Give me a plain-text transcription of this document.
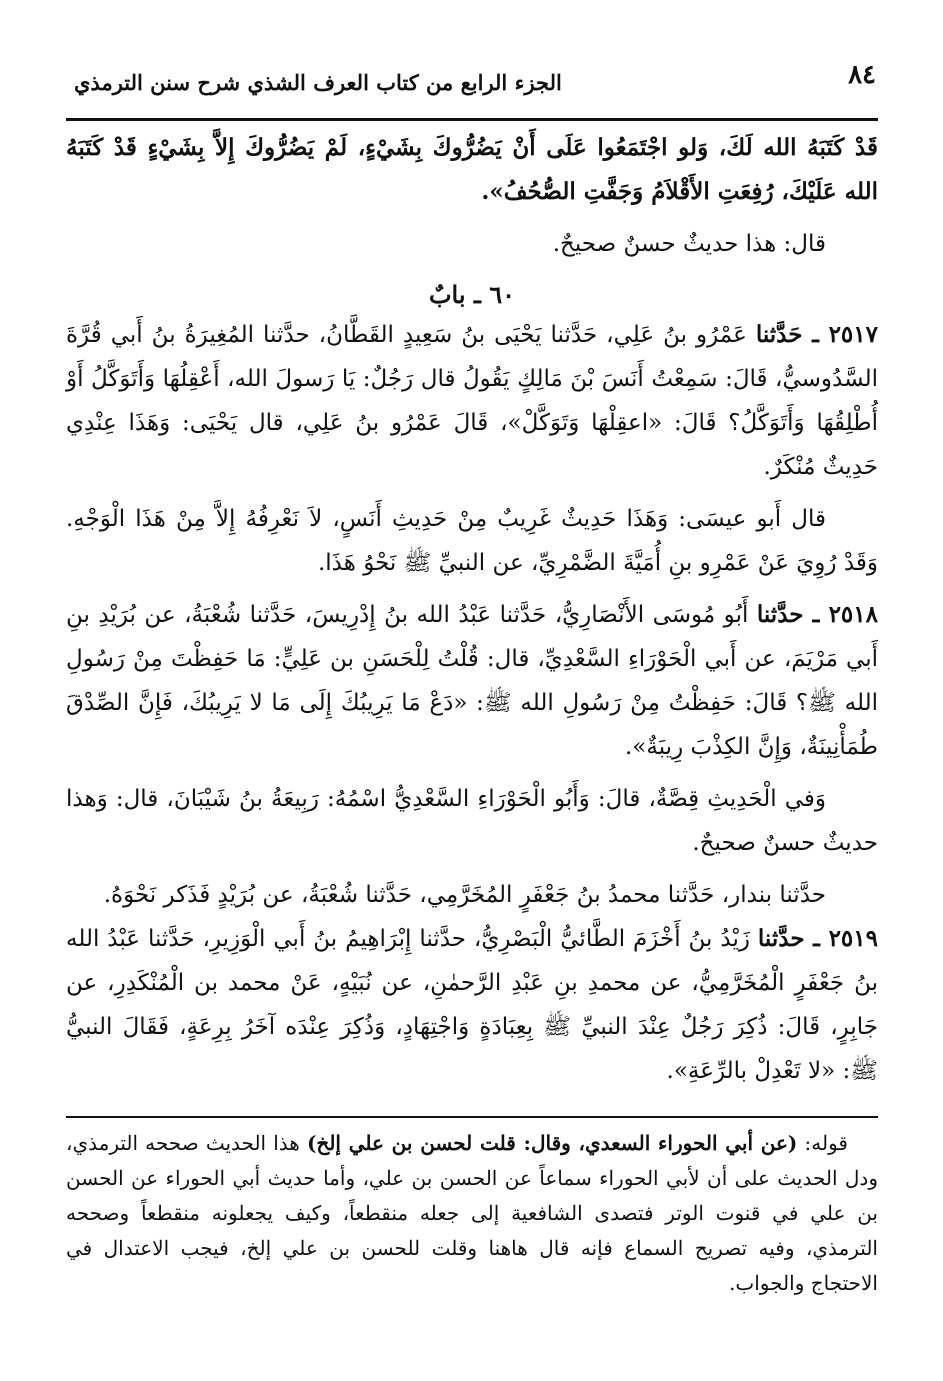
٨٤
الجزء الرابع من كتاب العرف الشذي شرح سنن الترمذي

قَدْ كَتَبَهُ الله لَكَ، وَلو اجْتَمَعُوا عَلَى أَنْ يَضُرُّوكَ بِشَيْءٍ، لَمْ يَضُرُّوكَ إِلاَّ بِشَيْءٍ قَدْ كَتَبَهُ الله عَلَيْكَ، رُفِعَتِ الأَقْلاَمُ وَجَفَّتِ الصُّحُفُ».

قال: هذا حديثٌ حسنٌ صحيحٌ.

٦٠ ـ بابٌ

٢٥١٧ ـ حَدَّثنا عَمْرُو بنُ عَلِي، حَدَّثنا يَحْيَى بنُ سَعِيدٍ القَطَّانُ، حدَّثنا المُغِيرَةُ بنُ أَبي قُرَّةَ السَّدُوسيُّ، قَالَ: سَمِعْتُ أَنَسَ بْنَ مَالِكٍ يَقُولُ قال رَجُلٌ: يَا رَسولَ الله، أَعْقِلُهَا وَأَتَوَكَّلُ أَوْ أُطْلِقُهَا وَأَتَوَكَّلُ؟ قَالَ: «اعقِلْهَا وَتَوَكَّلْ»، قَالَ عَمْرُو بنُ عَلِي، قال يَحْيَى: وَهَذَا عِنْدِي حَدِيثٌ مُنْكَرٌ.

قال أَبو عيسَى: وَهَذَا حَدِيثٌ غَرِيبٌ مِنْ حَدِيثِ أَنَسٍ، لاَ نَعْرِفُهُ إِلاَّ مِنْ هَذَا الْوَجْهِ. وَقَدْ رُوِيَ عَنْ عَمْرِو بنِ أُمَيَّةَ الضَّمْرِيِّ، عن النبيِّ ﷺ نَحْوُ هَذَا.

٢٥١٨ ـ حدَّثنا أَبُو مُوسَى الأَنْصَارِيُّ، حَدَّثنا عَبْدُ الله بنُ إِدْرِيسَ، حَدَّثنا شُعْبَةُ، عن بُرَيْدِ بنِ أَبي مَرْيَمَ، عن أَبي الْحَوْرَاءِ السَّعْدِيِّ، قال: قُلْتُ لِلْحَسَنِ بن عَلِيٍّ: مَا حَفِظْتَ مِنْ رَسُولِ الله ﷺ؟ قَالَ: حَفِظْتُ مِنْ رَسُولِ الله ﷺ: «دَعْ مَا يَرِيبُكَ إِلَى مَا لا يَرِيبُكَ، فَإِنَّ الصِّدْقَ طُمَأْنِينَةٌ، وَإِنَّ الكِذْبَ رِيبَةٌ».

وَفي الْحَدِيثِ قِصَّةٌ، قالَ: وَأَبُو الْحَوْرَاءِ السَّعْدِيُّ اسْمُهُ: رَبِيعَةُ بنُ شَيْبَانَ، قال: وَهذا حديثٌ حسنٌ صحيحٌ.

حدَّثنا بندار، حَدَّثنا محمدُ بنُ جَعْفَرٍ المُخَرَّمِي، حَدَّثنا شُعْبَةُ، عن بُرَيْدٍ فَذَكر نَحْوَهُ.

٢٥١٩ ـ حدَّثنا زَيْدُ بنُ أَخْزَمَ الطَّائيُّ الْبَصْرِيُّ، حدَّثنا إِبْرَاهِيمُ بنُ أَبي الْوَزِيرِ، حَدَّثنا عَبْدُ الله بنُ جَعْفَرٍ الْمُخَرَّمِيُّ، عن محمدِ بنِ عَبْدِ الرَّحمٰنِ، عن نُبَيْهٍ، عَنْ محمد بن الْمُنْكَدِرِ، عن جَابِرٍ، قَالَ: ذُكِرَ رَجُلٌ عِنْدَ النبيِّ ﷺ بِعِبَادَةٍ وَاجْتِهَادٍ، وَذُكِرَ عِنْدَه آخَرُ بِرِعَةٍ، فَقَالَ النبيُّ ﷺ: «لا تَعْدِلْ بالرِّعَةِ».

قوله: (عن أبي الحوراء السعدي، وقال: قلت لحسن بن علي إلخ) هذا الحديث صححه الترمذي، ودل الحديث على أن لأبي الحوراء سماعاً عن الحسن بن علي، وأما حديث أبي الحوراء عن الحسن بن علي في قنوت الوتر فتصدى الشافعية إلى جعله منقطعاً، وكيف يجعلونه منقطعاً وصححه الترمذي، وفيه تصريح السماع فإنه قال هاهنا وقلت للحسن بن علي إلخ، فيجب الاعتدال في الاحتجاج والجواب.
